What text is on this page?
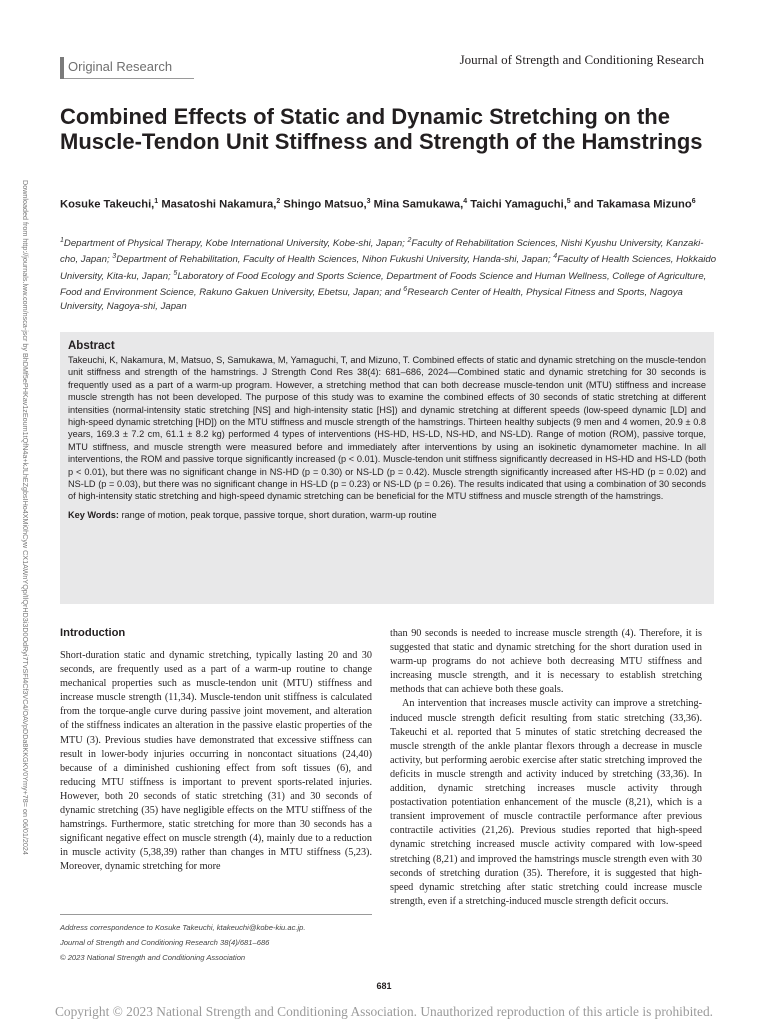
Original Research	Journal of Strength and Conditioning Research
Downloaded from http://journals.lww.com/nsca-jscr by BhDMf5ePHKav1zEoum1tQfN4a+kJLhEZgbsIHo4XMi0hCyw CX1AWnYQp/IlQrHD3i3D0OdRyi7TvSFl4Cf3VC4/OAVpDDa8KKGKV0Ymy+78= on 06/01/2024
Combined Effects of Static and Dynamic Stretching on the Muscle-Tendon Unit Stiffness and Strength of the Hamstrings
Kosuke Takeuchi,$^1$ Masatoshi Nakamura,$^2$ Shingo Matsuo,$^3$ Mina Samukawa,$^4$ Taichi Yamaguchi,$^5$ and Takamasa Mizuno$^6$
$^1$Department of Physical Therapy, Kobe International University, Kobe-shi, Japan; $^2$Faculty of Rehabilitation Sciences, Nishi Kyushu University, Kanzaki-cho, Japan; $^3$Department of Rehabilitation, Faculty of Health Sciences, Nihon Fukushi University, Handa-shi, Japan; $^4$Faculty of Health Sciences, Hokkaido University, Kita-ku, Japan; $^5$Laboratory of Food Ecology and Sports Science, Department of Foods Science and Human Wellness, College of Agriculture, Food and Environment Science, Rakuno Gakuen University, Ebetsu, Japan; and $^6$Research Center of Health, Physical Fitness and Sports, Nagoya University, Nagoya-shi, Japan
Abstract

Takeuchi, K, Nakamura, M, Matsuo, S, Samukawa, M, Yamaguchi, T, and Mizuno, T. Combined effects of static and dynamic stretching on the muscle-tendon unit stiffness and strength of the hamstrings. J Strength Cond Res 38(4): 681–686, 2024—Combined static and dynamic stretching for 30 seconds is frequently used as a part of a warm-up program. However, a stretching method that can both decrease muscle-tendon unit (MTU) stiffness and increase muscle strength has not been developed. The purpose of this study was to examine the combined effects of 30 seconds of static stretching at different intensities (normal-intensity static stretching [NS] and high-intensity static [HS]) and dynamic stretching at different speeds (low-speed dynamic [LD] and high-speed dynamic stretching [HD]) on the MTU stiffness and muscle strength of the hamstrings. Thirteen healthy subjects (9 men and 4 women, 20.9 ± 0.8 years, 169.3 ± 7.2 cm, 61.1 ± 8.2 kg) performed 4 types of interventions (HS-HD, HS-LD, NS-HD, and NS-LD). Range of motion (ROM), passive torque, MTU stiffness, and muscle strength were measured before and immediately after interventions by using an isokinetic dynamometer machine. In all interventions, the ROM and passive torque significantly increased (p < 0.01). Muscle-tendon unit stiffness significantly decreased in HS-HD and HS-LD (both p < 0.01), but there was no significant change in NS-HD (p = 0.30) or NS-LD (p = 0.42). Muscle strength significantly increased after HS-HD (p = 0.02) and NS-LD (p = 0.03), but there was no significant change in HS-LD (p = 0.23) or NS-LD (p = 0.26). The results indicated that using a combination of 30 seconds of high-intensity static stretching and high-speed dynamic stretching can be beneficial for the MTU stiffness and muscle strength of the hamstrings.

Key Words: range of motion, peak torque, passive torque, short duration, warm-up routine

Introduction

Short-duration static and dynamic stretching, typically lasting 20 and 30 seconds, are frequently used as a part of a warm-up routine to change mechanical properties such as muscle-tendon unit (MTU) stiffness and increase muscle strength (11,34). Muscle-tendon unit stiffness is calculated from the torque-angle curve during passive joint movement, and alteration of the stiffness indicates an alteration in the passive elastic properties of the MTU (3). Previous studies have demonstrated that excessive stiffness can result in lower-body injuries occurring in noncontact situations (24,40) because of a diminished cushioning effect from soft tissues (6), and reducing MTU stiffness is important to prevent sports-related injuries. However, both 20 seconds of static stretching (31) and 30 seconds of dynamic stretching (35) have negligible effects on the MTU stiffness of the hamstrings. Furthermore, static stretching for more than 30 seconds has a significant negative effect on muscle strength (4), mainly due to a reduction in muscle activity (5,38,39) rather than changes in MTU stiffness (5,23). Moreover, dynamic stretching for more

than 90 seconds is needed to increase muscle strength (4). Therefore, it is suggested that static and dynamic stretching for the short duration used in warm-up programs do not achieve both decreasing MTU stiffness and increasing muscle strength, and it is necessary to establish stretching methods that can achieve both these goals.

An intervention that increases muscle activity can improve a stretching-induced muscle strength deficit resulting from static stretching (33,36). Takeuchi et al. reported that 5 minutes of static stretching decreased the muscle strength of the ankle plantar flexors through a decrease in muscle activity, but performing aerobic exercise after static stretching improved the deficits in muscle strength and activity induced by stretching (33,36). In addition, dynamic stretching increases muscle activity through postactivation potentiation enhancement of the muscle (8,21), which is a transient improvement of muscle contractile performance after previous contractile activities (21,26). Previous studies reported that high-speed dynamic stretching increased muscle activity compared with low-speed stretching (8,21) and improved the hamstrings muscle strength even with 30 seconds of stretching duration (35). Therefore, it is suggested that high-speed dynamic stretching after static stretching could increase muscle strength, even if a stretching-induced muscle strength deficit occurs.

Address correspondence to Kosuke Takeuchi, ktakeuchi@kobe-kiu.ac.jp.
Journal of Strength and Conditioning Research 38(4)/681–686
© 2023 National Strength and Conditioning Association
681
Copyright © 2023 National Strength and Conditioning Association. Unauthorized reproduction of this article is prohibited.
